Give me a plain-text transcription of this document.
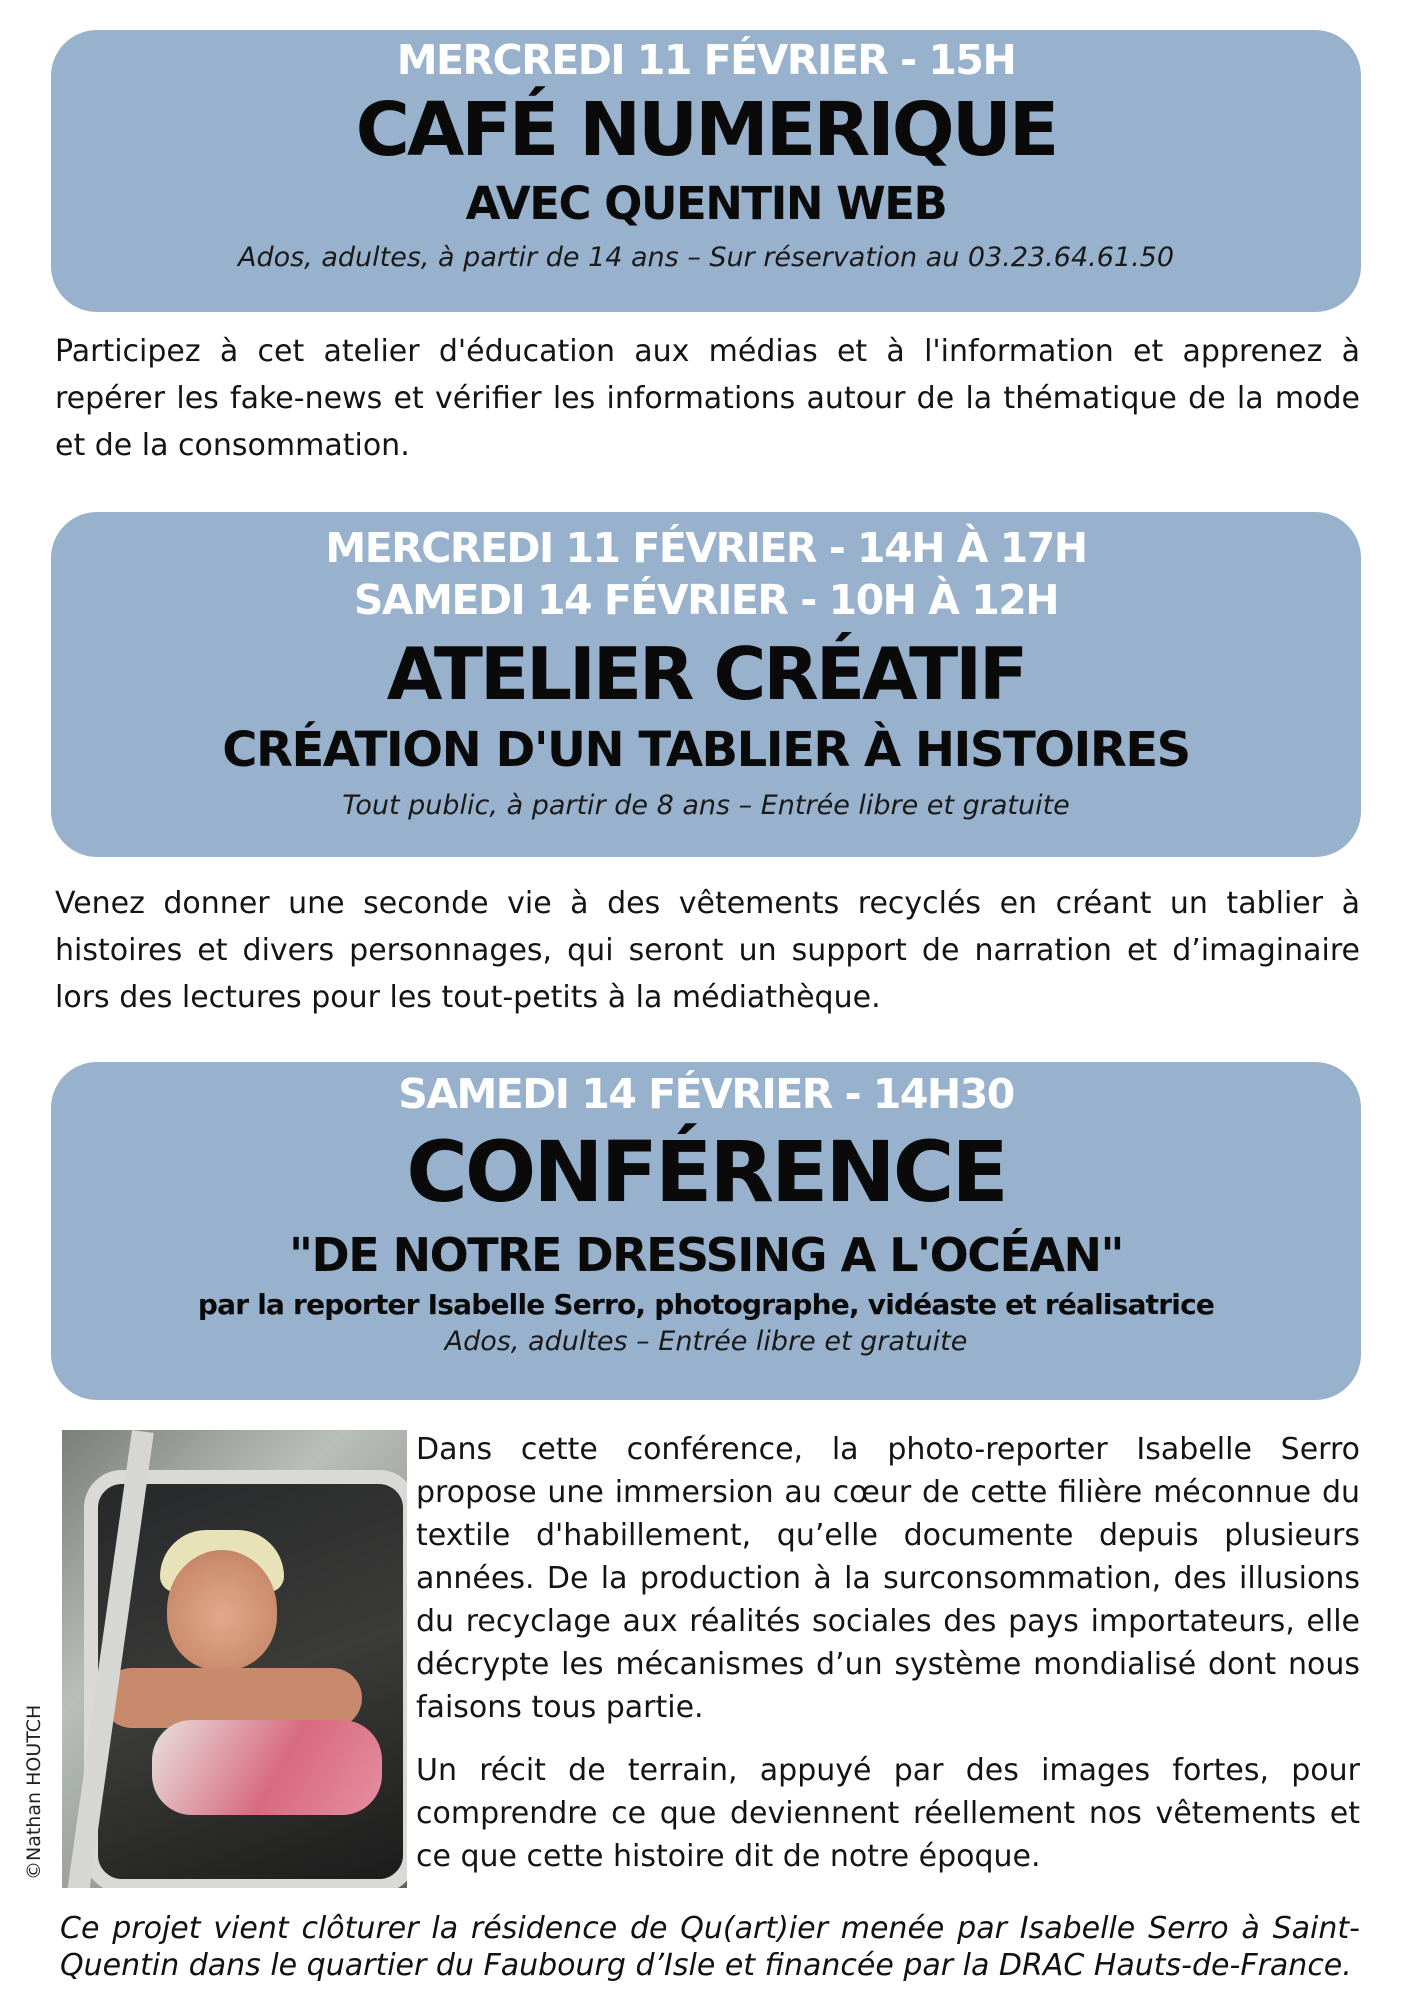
MERCREDI 11 FÉVRIER - 15H
CAFÉ NUMERIQUE
AVEC QUENTIN WEB
Ados, adultes, à partir de 14 ans – Sur réservation au 03.23.64.61.50

Participez à cet atelier d'éducation aux médias et à l'information et apprenez à repérer les fake-news et vérifier les informations autour de la thématique de la mode et de la consommation.

MERCREDI 11 FÉVRIER - 14H À 17H
SAMEDI 14 FÉVRIER - 10H À 12H
ATELIER CRÉATIF
CRÉATION D'UN TABLIER À HISTOIRES
Tout public, à partir de 8 ans – Entrée libre et gratuite

Venez donner une seconde vie à des vêtements recyclés en créant un tablier à histoires et divers personnages, qui seront un support de narration et d’imaginaire lors des lectures pour les tout-petits à la médiathèque.

SAMEDI 14 FÉVRIER - 14H30
CONFÉRENCE
"DE NOTRE DRESSING A L'OCÉAN"
par la reporter Isabelle Serro, photographe, vidéaste et réalisatrice
Ados, adultes – Entrée libre et gratuite
©Nathan HOUTCH

Dans cette conférence, la photo-reporter Isabelle Serro propose une immersion au cœur de cette filière méconnue du textile d'habillement, qu’elle documente depuis plusieurs années. De la production à la surconsommation, des illusions du recyclage aux réalités sociales des pays importateurs, elle décrypte les mécanismes d’un système mondialisé dont nous faisons tous partie.

Un récit de terrain, appuyé par des images fortes, pour comprendre ce que deviennent réellement nos vêtements et ce que cette histoire dit de notre époque.

Ce projet vient clôturer la résidence de Qu(art)ier menée par Isabelle Serro à Saint-Quentin dans le quartier du Faubourg d’Isle et financée par la DRAC Hauts-de-France.
